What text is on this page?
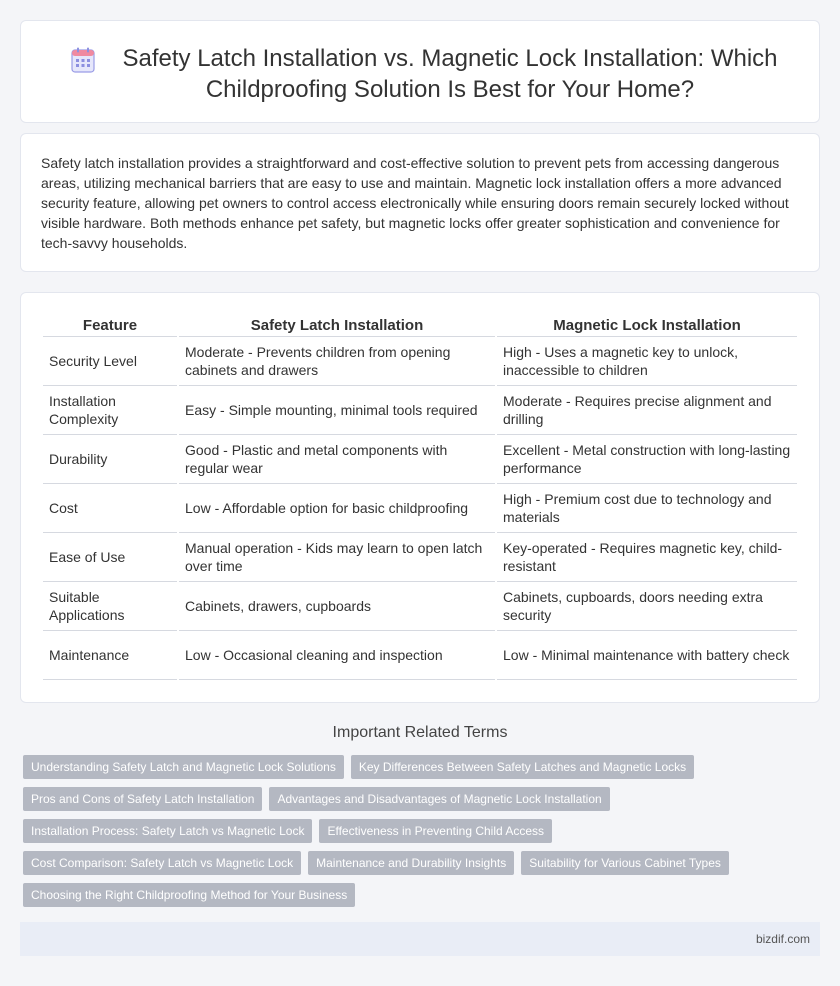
Safety Latch Installation vs. Magnetic Lock Installation: Which Childproofing Solution Is Best for Your Home?

Safety latch installation provides a straightforward and cost-effective solution to prevent pets from accessing dangerous areas, utilizing mechanical barriers that are easy to use and maintain. Magnetic lock installation offers a more advanced security feature, allowing pet owners to control access electronically while ensuring doors remain securely locked without visible hardware. Both methods enhance pet safety, but magnetic locks offer greater sophistication and convenience for tech-savvy households.

Feature	Safety Latch Installation	Magnetic Lock Installation
Security Level	Moderate - Prevents children from opening cabinets and drawers	High - Uses a magnetic key to unlock, inaccessible to children
Installation Complexity	Easy - Simple mounting, minimal tools required	Moderate - Requires precise alignment and drilling
Durability	Good - Plastic and metal components with regular wear	Excellent - Metal construction with long-lasting performance
Cost	Low - Affordable option for basic childproofing	High - Premium cost due to technology and materials
Ease of Use	Manual operation - Kids may learn to open latch over time	Key-operated - Requires magnetic key, child-resistant
Suitable Applications	Cabinets, drawers, cupboards	Cabinets, cupboards, doors needing extra security
Maintenance	Low - Occasional cleaning and inspection	Low - Minimal maintenance with battery check
Important Related Terms
Understanding Safety Latch and Magnetic Lock Solutions	Key Differences Between Safety Latches and Magnetic Locks
Pros and Cons of Safety Latch Installation	Advantages and Disadvantages of Magnetic Lock Installation
Installation Process: Safety Latch vs Magnetic Lock	Effectiveness in Preventing Child Access
Cost Comparison: Safety Latch vs Magnetic Lock	Maintenance and Durability Insights	Suitability for Various Cabinet Types
Choosing the Right Childproofing Method for Your Business
bizdif.com
